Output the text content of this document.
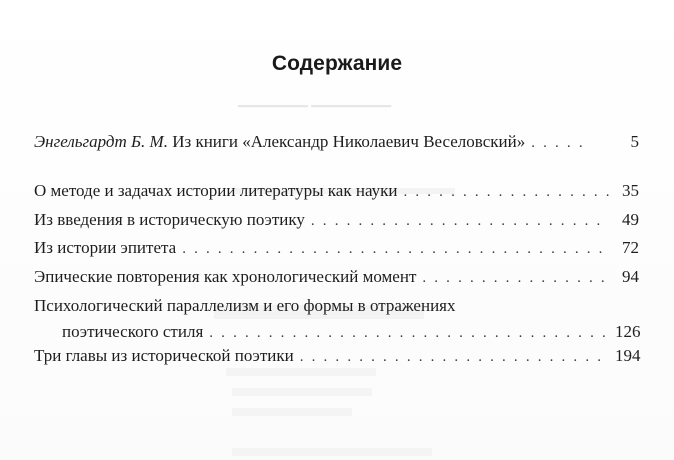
▁▁▁▁▁▁▁▁ ▁▁▁▁▁▁▁
Содержание
Энгельгардт Б. М. Из книги «Александр Николаевич Веселовский» . . .	5
О методе и задачах истории литературы как науки . . .	35
Из введения в историческую поэтику . . .	49
Из истории эпитета . . .	72
Эпические повторения как хронологический момент . . .	94
Психологический параллелизм и его формы в отражениях
поэтического стиля . . .	126
Три главы из исторической поэтики . . .	194
